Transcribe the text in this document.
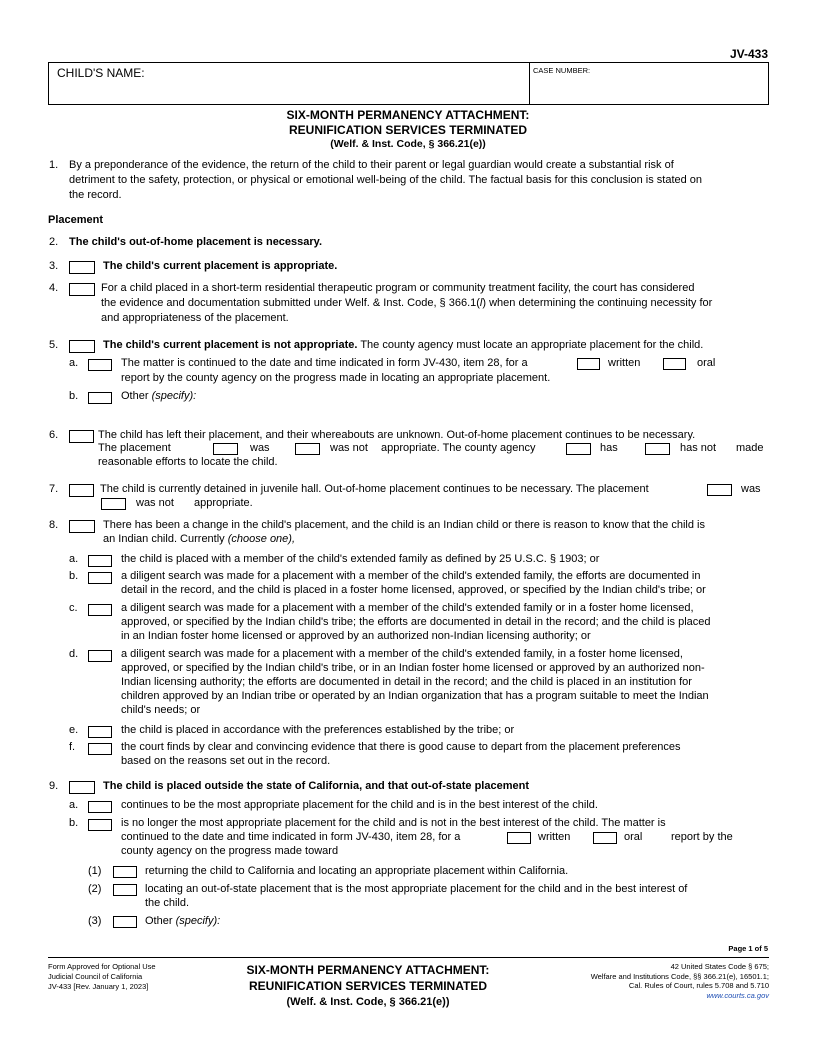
JV-433
CHILD'S NAME:	CASE NUMBER:
SIX-MONTH PERMANENCY ATTACHMENT:
REUNIFICATION SERVICES TERMINATED
(Welf. & Inst. Code, § 366.21(e))
1. By a preponderance of the evidence, the return of the child to their parent or legal guardian would create a substantial risk of
detriment to the safety, protection, or physical or emotional well-being of the child. The factual basis for this conclusion is stated on
the record.
Placement
2. The child's out-of-home placement is necessary.
3.	The child's current placement is appropriate.
4.	For a child placed in a short-term residential therapeutic program or community treatment facility, the court has considered
the evidence and documentation submitted under Welf. & Inst. Code, § 366.1(l) when determining the continuing necessity for
and appropriateness of the placement.
5.	The child's current placement is not appropriate. The county agency must locate an appropriate placement for the child.
a.	The matter is continued to the date and time indicated in form JV-430, item 28, for a	written	oral
report by the county agency on the progress made in locating an appropriate placement.
b.	Other (specify):
6.	The child has left their placement, and their whereabouts are unknown. Out-of-home placement continues to be necessary.
The placement	was	was not appropriate. The county agency	has	has not made
reasonable efforts to locate the child.
7.	The child is currently detained in juvenile hall. Out-of-home placement continues to be necessary. The placement	was
was not appropriate.
8.	There has been a change in the child's placement, and the child is an Indian child or there is reason to know that the child is
an Indian child. Currently (choose one),
a.	the child is placed with a member of the child's extended family as defined by 25 U.S.C. § 1903; or
b.	a diligent search was made for a placement with a member of the child's extended family, the efforts are documented in
detail in the record, and the child is placed in a foster home licensed, approved, or specified by the Indian child's tribe; or
c.	a diligent search was made for a placement with a member of the child's extended family or in a foster home licensed,
approved, or specified by the Indian child's tribe; the efforts are documented in detail in the record; and the child is placed
in an Indian foster home licensed or approved by an authorized non-Indian licensing authority; or
d.	a diligent search was made for a placement with a member of the child's extended family, in a foster home licensed,
approved, or specified by the Indian child's tribe, or in an Indian foster home licensed or approved by an authorized non-
Indian licensing authority; the efforts are documented in detail in the record; and the child is placed in an institution for
children approved by an Indian tribe or operated by an Indian organization that has a program suitable to meet the Indian
child's needs; or
e.	the child is placed in accordance with the preferences established by the tribe; or
f.	the court finds by clear and convincing evidence that there is good cause to depart from the placement preferences
based on the reasons set out in the record.
9.	The child is placed outside the state of California, and that out-of-state placement
a.	continues to be the most appropriate placement for the child and is in the best interest of the child.
b.	is no longer the most appropriate placement for the child and is not in the best interest of the child. The matter is
continued to the date and time indicated in form JV-430, item 28, for a	written	oral	report by the
county agency on the progress made toward
(1)	returning the child to California and locating an appropriate placement within California.
(2)	locating an out-of-state placement that is the most appropriate placement for the child and in the best interest of
the child.
(3)	Other (specify):
Page 1 of 5
Form Approved for Optional Use
Judicial Council of California
JV-433 [Rev. January 1, 2023]
SIX-MONTH PERMANENCY ATTACHMENT:
REUNIFICATION SERVICES TERMINATED
(Welf. & Inst. Code, § 366.21(e))
42 United States Code § 675;
Welfare and Institutions Code, §§ 366.21(e), 16501.1;
Cal. Rules of Court, rules 5.708 and 5.710
www.courts.ca.gov
